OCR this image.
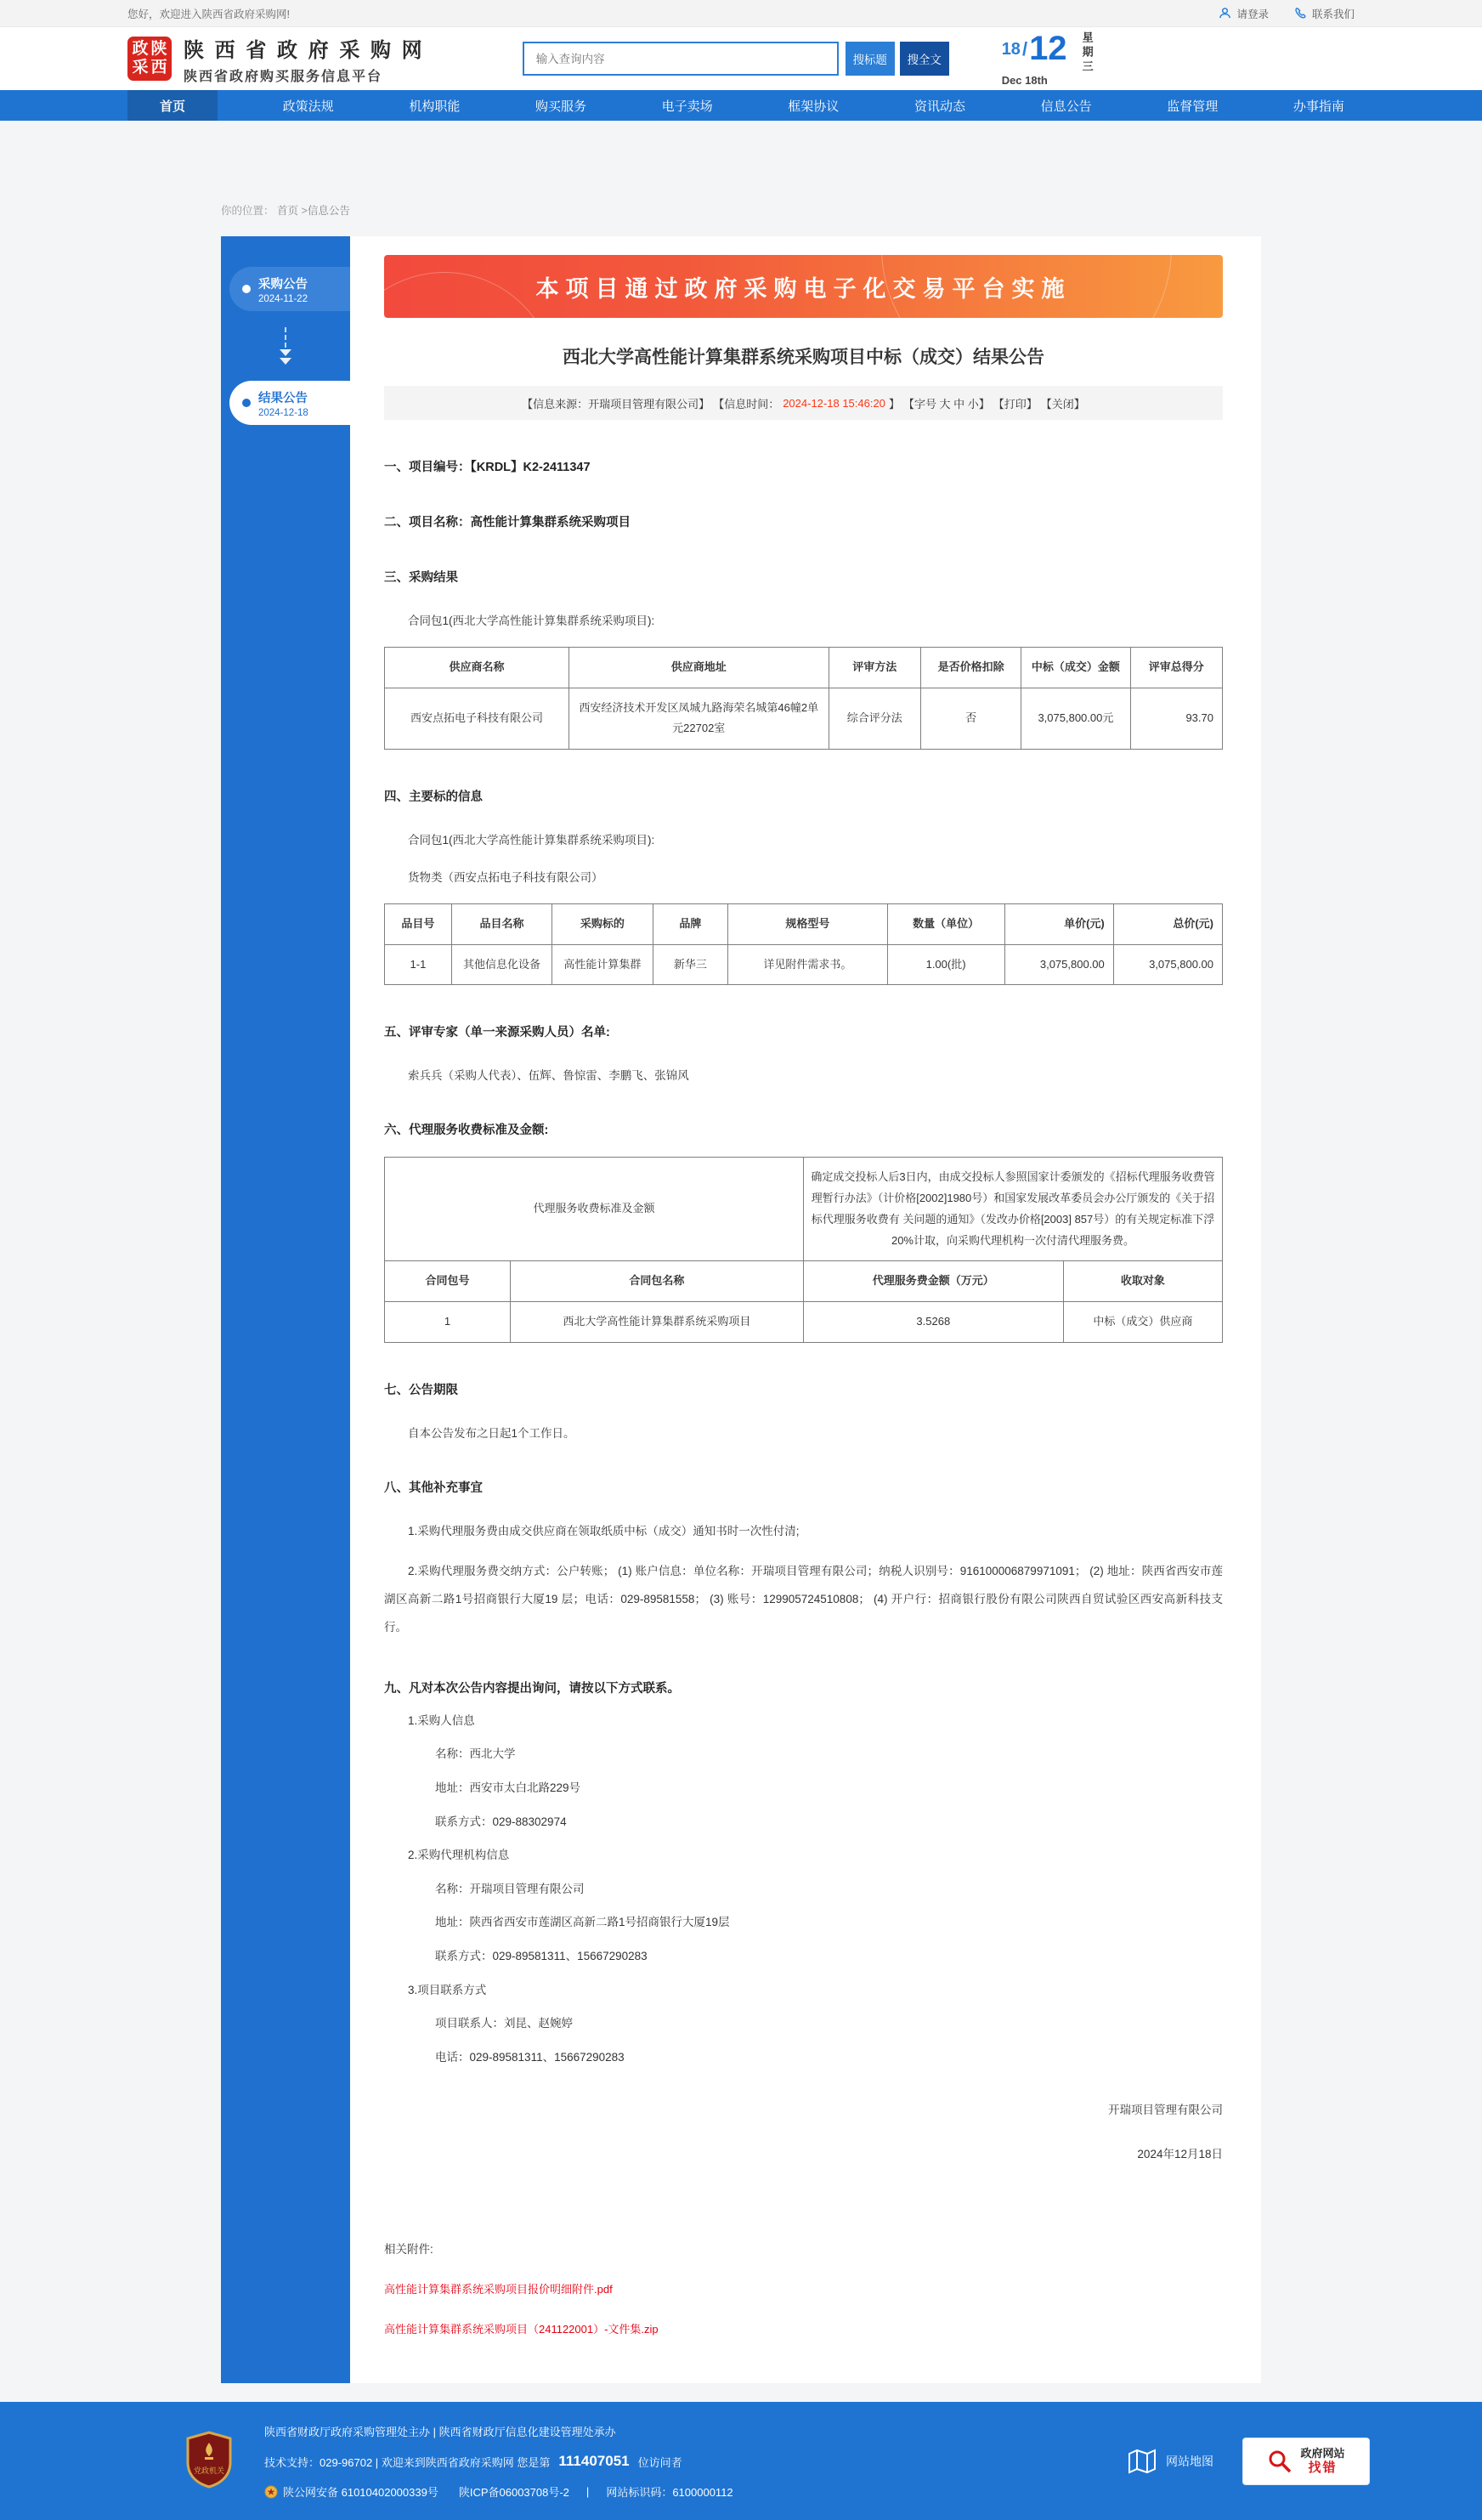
您好，欢迎进入陕西省政府采购网!	请登录	联系我们
政陕
采西
陕 西 省 政 府 采 购 网
陕西省政府购买服务信息平台
输入查询内容
搜标题	搜全文
18 / 12 星期三
Dec 18th
首页	政策法规	机构职能	购买服务	电子卖场	框架协议	资讯动态	信息公告	监督管理	办事指南
你的位置： 首页 >信息公告
采购公告
2024-11-22
结果公告
2024-12-18
本项目通过政府采购电子化交易平台实施
西北大学高性能计算集群系统采购项目中标（成交）结果公告
【信息来源：开瑞项目管理有限公司】 【信息时间： 2024-12-18 15:46:20 】 【字号 大 中 小】 【打印】 【关闭】
一、项目编号：【KRDL】K2-2411347
二、项目名称：高性能计算集群系统采购项目
三、采购结果
合同包1(西北大学高性能计算集群系统采购项目):
供应商名称	供应商地址	评审方法	是否价格扣除	中标（成交）金额	评审总得分
西安点拓电子科技有限公司	西安经济技术开发区凤城九路海荣名城第46幢2单元22702室	综合评分法	否	3,075,800.00元	93.70
四、主要标的信息
合同包1(西北大学高性能计算集群系统采购项目):
货物类（西安点拓电子科技有限公司）
品目号	品目名称	采购标的	品牌	规格型号	数量（单位）	单价(元)	总价(元)
1-1	其他信息化设备	高性能计算集群	新华三	详见附件需求书。	1.00(批)	3,075,800.00	3,075,800.00
五、评审专家（单一来源采购人员）名单:
索兵兵（采购人代表）、伍辉、鲁惊雷、李鹏飞、张锦风
六、代理服务收费标准及金额:
代理服务收费标准及金额		确定成交投标人后3日内，由成交投标人参照国家计委颁发的《招标代理服务收费管理暂行办法》（计价格[2002]1980号）和国家发展改革委员会办公厅颁发的《关于招标代理服务收费有 关问题的通知》（发改办价格[2003] 857号）的有关规定标准下浮20%计取，向采购代理机构一次付清代理服务费。	
合同包号	合同包名称	代理服务费金额（万元）	收取对象
1	西北大学高性能计算集群系统采购项目	3.5268	中标（成交）供应商
七、公告期限
自本公告发布之日起1个工作日。
八、其他补充事宜
1.采购代理服务费由成交供应商在领取纸质中标（成交）通知书时一次性付清;
2.采购代理服务费交纳方式：公户转账； (1) 账户信息：单位名称：开瑞项目管理有限公司；纳税人识别号：916100006879971091； (2) 地址：陕西省西安市莲湖区高新二路1号招商银行大厦19 层；电话：029-89581558； (3) 账号：129905724510808； (4) 开户行：招商银行股份有限公司陕西自贸试验区西安高新科技支行。
九、凡对本次公告内容提出询问，请按以下方式联系。
1.采购人信息
名称：西北大学
地址：西安市太白北路229号
联系方式：029-88302974
2.采购代理机构信息
名称：开瑞项目管理有限公司
地址：陕西省西安市莲湖区高新二路1号招商银行大厦19层
联系方式：029-89581311、15667290283
3.项目联系方式
项目联系人：刘昆、赵婉婷
电话：029-89581311、15667290283
开瑞项目管理有限公司
2024年12月18日
相关附件:
高性能计算集群系统采购项目报价明细附件.pdf
高性能计算集群系统采购项目（241122001）-文件集.zip
党政机关
陕西省财政厅政府采购管理处主办 | 陕西省财政厅信息化建设管理处承办
技术支持：029-96702 | 欢迎来到陕西省政府采购网 您是第 111407051 位访问者
陕公网安备 61010402000339号 陕ICP备06003708号-2 | 网站标识码：6100000112
网站地图
政府网站
找错
